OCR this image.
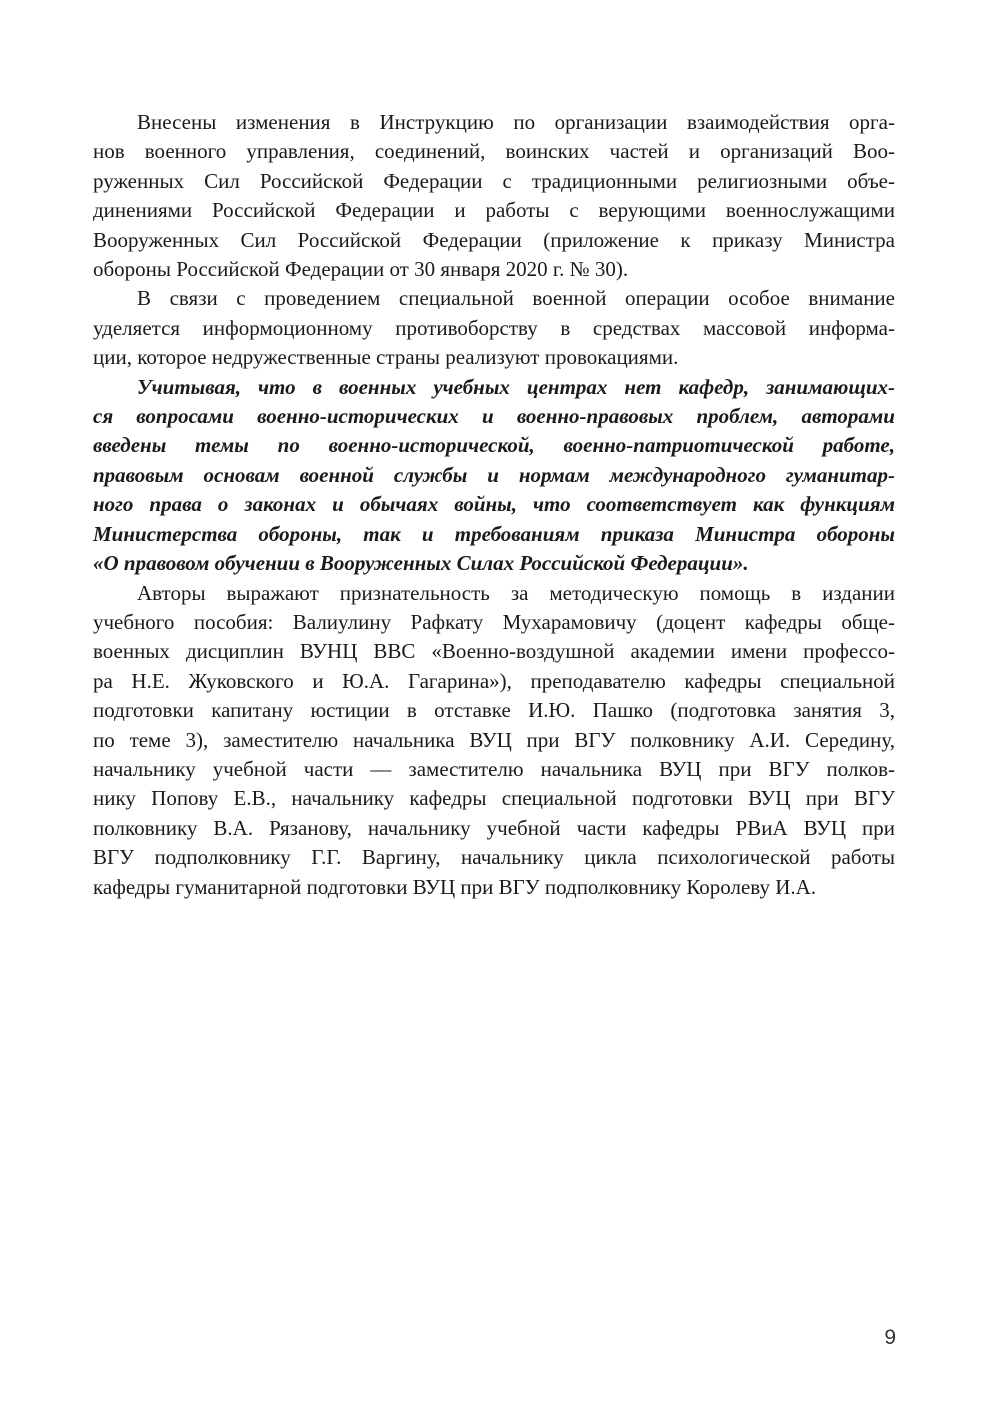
Внесены изменения в Инструкцию по организации взаимодействия орга-
нов военного управления, соединений, воинских частей и организаций Воо-
руженных Сил Российской Федерации с традиционными религиозными объе-
динениями Российской Федерации и работы с верующими военнослужащими
Вооруженных Сил Российской Федерации (приложение к приказу Министра
обороны Российской Федерации от 30 января 2020 г. № 30).

В связи с проведением специальной военной операции особое внимание
уделяется информоционному противоборству в средствах массовой информа-
ции, которое недружественные страны реализуют провокациями.

Учитывая, что в военных учебных центрах нет кафедр, занимающих-
ся вопросами военно-исторических и военно-правовых проблем, авторами
введены темы по военно-исторической, военно-патриотической работе,
правовым основам военной службы и нормам международного гуманитар-
ного права о законах и обычаях войны, что соответствует как функциям
Министерства обороны, так и требованиям приказа Министра обороны
«О правовом обучении в Вооруженных Силах Российской Федерации».

Авторы выражают признательность за методическую помощь в издании
учебного пособия: Валиулину Рафкату Мухарамовичу (доцент кафедры обще-
военных дисциплин ВУНЦ ВВС «Военно-воздушной академии имени профессо-
ра Н.Е. Жуковского и Ю.А. Гагарина»), преподавателю кафедры специальной
подготовки капитану юстиции в отставке И.Ю. Пашко (подготовка занятия 3,
по теме 3), заместителю начальника ВУЦ при ВГУ полковнику А.И. Середину,
начальнику учебной части — заместителю начальника ВУЦ при ВГУ полков-
нику Попову Е.В., начальнику кафедры специальной подготовки ВУЦ при ВГУ
полковнику В.А. Рязанову, начальнику учебной части кафедры РВиА ВУЦ при
ВГУ подполковнику Г.Г. Варгину, начальнику цикла психологической работы
кафедры гуманитарной подготовки ВУЦ при ВГУ подполковнику Королеву И.А.

9
